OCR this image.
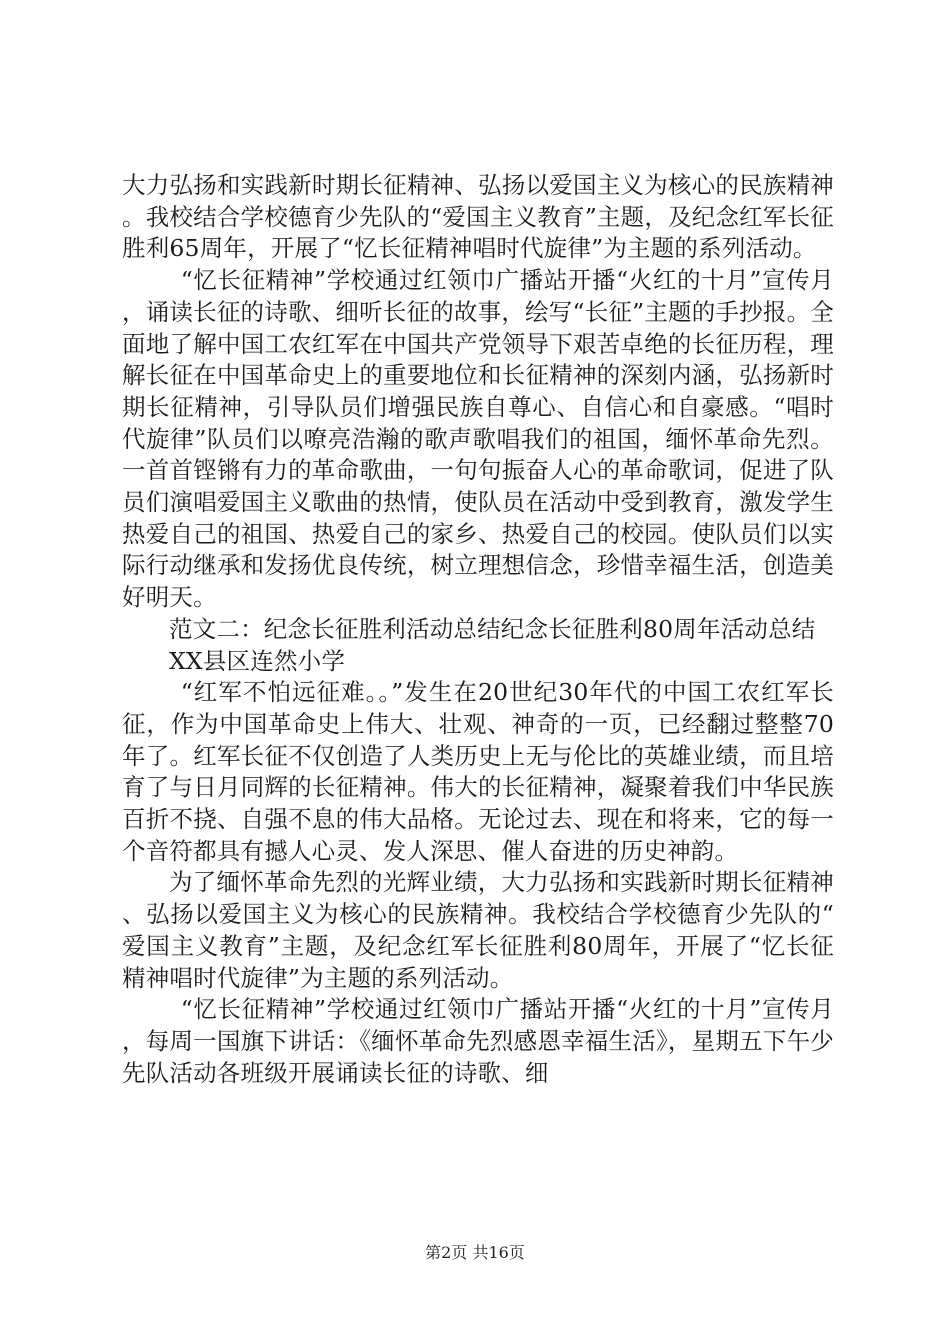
大力弘扬和实践新时期长征精神、弘扬以爱国主义为核心的民族精神。我校结合学校德育少先队的“爱国主义教育”主题，及纪念红军长征胜利65周年，开展了“忆长征精神唱时代旋律”为主题的系列活动。

“忆长征精神”学校通过红领巾广播站开播“火红的十月”宣传月，诵读长征的诗歌、细听长征的故事，绘写“长征”主题的手抄报。全面地了解中国工农红军在中国共产党领导下艰苦卓绝的长征历程，理解长征在中国革命史上的重要地位和长征精神的深刻内涵，弘扬新时期长征精神，引导队员们增强民族自尊心、自信心和自豪感。“唱时代旋律”队员们以嘹亮浩瀚的歌声歌唱我们的祖国，缅怀革命先烈。一首首铿锵有力的革命歌曲，一句句振奋人心的革命歌词，促进了队员们演唱爱国主义歌曲的热情，使队员在活动中受到教育，激发学生热爱自己的祖国、热爱自己的家乡、热爱自己的校园。使队员们以实际行动继承和发扬优良传统，树立理想信念，珍惜幸福生活，创造美好明天。

范文二：纪念长征胜利活动总结纪念长征胜利80周年活动总结

XX县区连然小学

“红军不怕远征难。。”发生在20世纪30年代的中国工农红军长征，作为中国革命史上伟大、壮观、神奇的一页，已经翻过整整70年了。红军长征不仅创造了人类历史上无与伦比的英雄业绩，而且培育了与日月同辉的长征精神。伟大的长征精神，凝聚着我们中华民族百折不挠、自强不息的伟大品格。无论过去、现在和将来，它的每一个音符都具有撼人心灵、发人深思、催人奋进的历史神韵。

为了缅怀革命先烈的光辉业绩，大力弘扬和实践新时期长征精神、弘扬以爱国主义为核心的民族精神。我校结合学校德育少先队的“爱国主义教育”主题，及纪念红军长征胜利80周年，开展了“忆长征精神唱时代旋律”为主题的系列活动。

“忆长征精神”学校通过红领巾广播站开播“火红的十月”宣传月，每周一国旗下讲话：《缅怀革命先烈感恩幸福生活》，星期五下午少先队活动各班级开展诵读长征的诗歌、细

第2页 共16页
